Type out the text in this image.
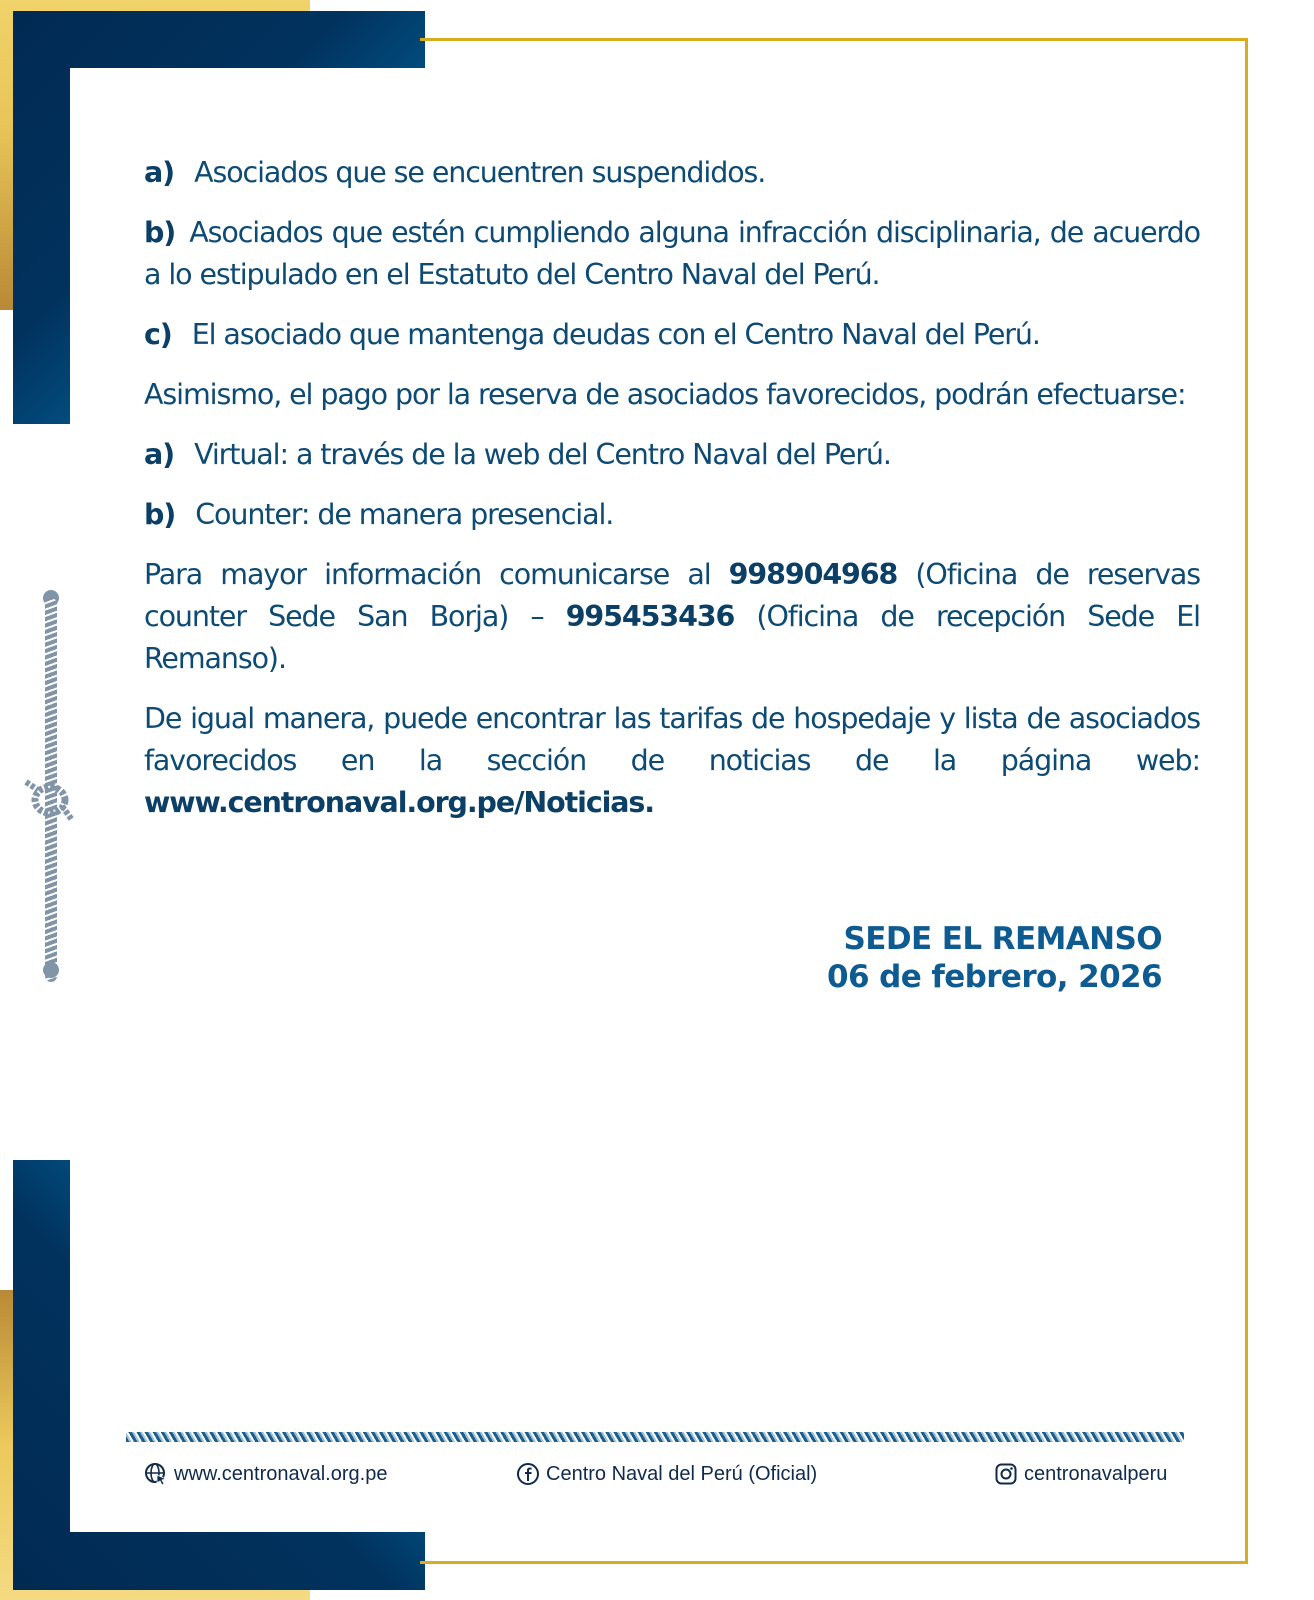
a) Asociados que se encuentren suspendidos.

b) Asociados que estén cumpliendo alguna infracción disciplinaria, de acuerdo a lo estipulado en el Estatuto del Centro Naval del Perú.

c) El asociado que mantenga deudas con el Centro Naval del Perú.

Asimismo, el pago por la reserva de asociados favorecidos, podrán efectuarse:

a) Virtual: a través de la web del Centro Naval del Perú.

b) Counter: de manera presencial.

Para mayor información comunicarse al 998904968 (Oficina de reservas counter Sede San Borja) – 995453436 (Oficina de recepción Sede El Remanso).

De igual manera, puede encontrar las tarifas de hospedaje y lista de asociados favorecidos en la sección de noticias de la página web: www.centronaval.org.pe/Noticias.

SEDE EL REMANSO
06 de febrero, 2026
www.centronaval.org.pe	Centro Naval del Perú (Oficial)	centronavalperu
